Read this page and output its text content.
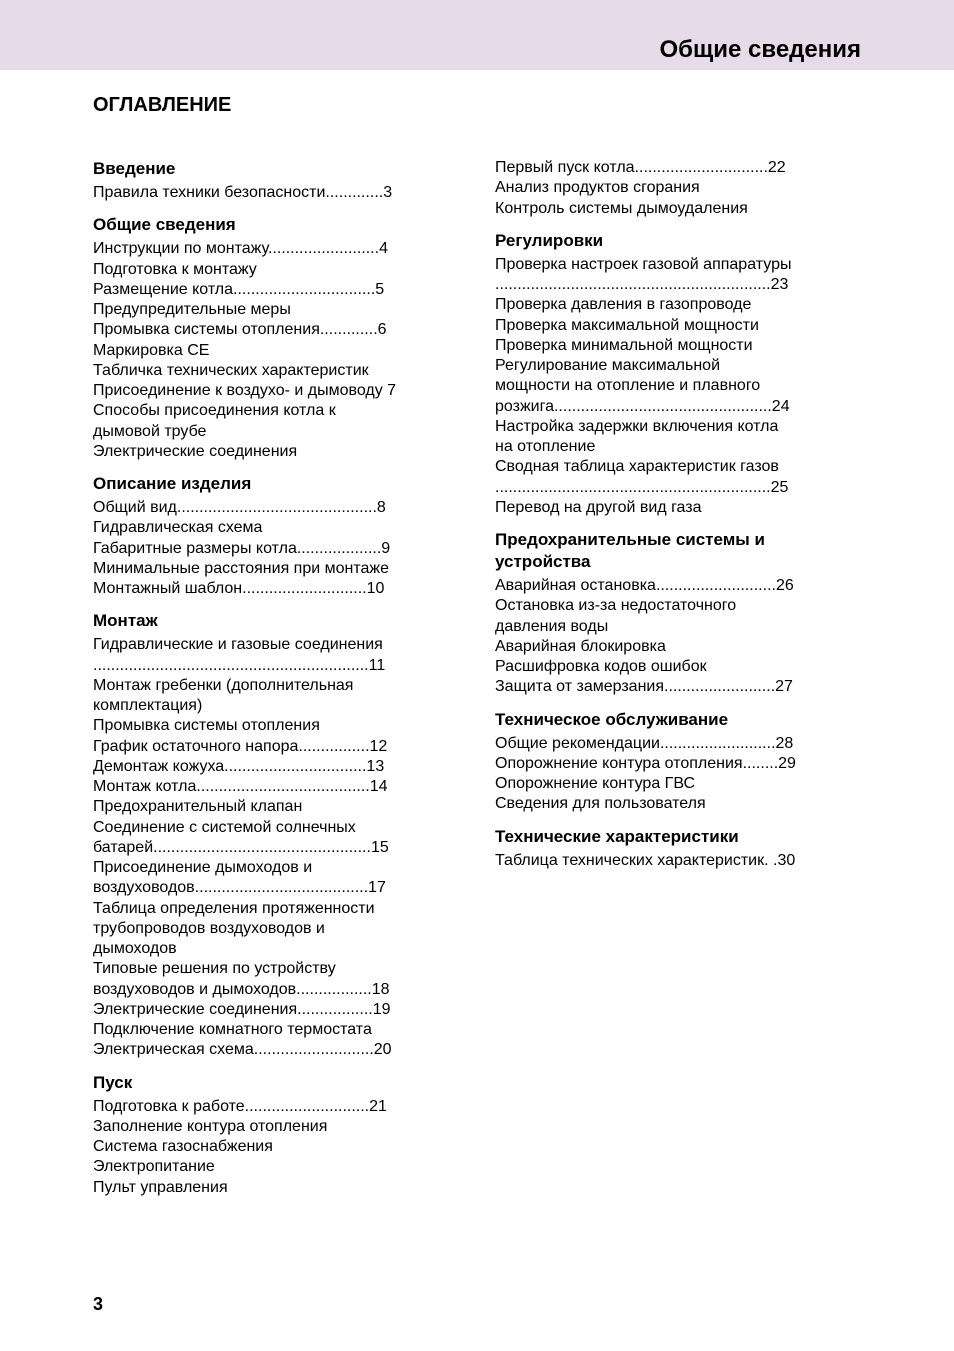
Общие сведения
ОГЛАВЛЕНИЕ
Введение
Правила техники безопасности.............3
Общие сведения
Инструкции по монтажу.........................4
Подготовка к монтажу
Размещение котла................................5
Предупредительные меры
Промывка системы отопления.............6
Маркировка СЕ
Табличка технических характеристик
Присоединение к воздухо- и дымоводу 7
Способы присоединения котла к
дымовой трубе
Электрические соединения
Описание изделия
Общий вид.............................................8
Гидравлическая схема
Габаритные размеры котла...................9
Минимальные расстояния при монтаже
Монтажный шаблон............................10
Монтаж
Гидравлические и газовые соединения
..............................................................11
Монтаж гребенки (дополнительная
комплектация)
Промывка системы отопления
График остаточного напора................12
Демонтаж кожуха................................13
Монтаж котла.......................................14
Предохранительный клапан
Соединение с системой солнечных
батарей.................................................15
Присоединение дымоходов и
воздуховодов.......................................17
Таблица определения протяженности
трубопроводов воздуховодов и
дымоходов
Типовые решения по устройству
воздуховодов и дымоходов.................18
Электрические соединения.................19
Подключение комнатного термостата
Электрическая схема...........................20
Пуск
Подготовка к работе............................21
Заполнение контура отопления
Система газоснабжения
Электропитание
Пульт управления
Первый пуск котла..............................22
Анализ продуктов сгорания
Контроль системы дымоудаления
Регулировки
Проверка настроек газовой аппаратуры
..............................................................23
Проверка давления в газопроводе
Проверка максимальной мощности
Проверка минимальной мощности
Регулирование максимальной
мощности на отопление и плавного
розжига.................................................24
Настройка задержки включения котла
на отопление
Сводная таблица характеристик газов
..............................................................25
Перевод на другой вид газа
Предохранительные системы и устройства
Аварийная остановка...........................26
Остановка из-за недостаточного
давления воды
Аварийная блокировка
Расшифровка кодов ошибок
Защита от замерзания.........................27
Техническое обслуживание
Общие рекомендации..........................28
Опорожнение контура отопления........29
Опорожнение контура ГВС
Сведения для пользователя
Технические характеристики
Таблица технических характеристик. .30
3
